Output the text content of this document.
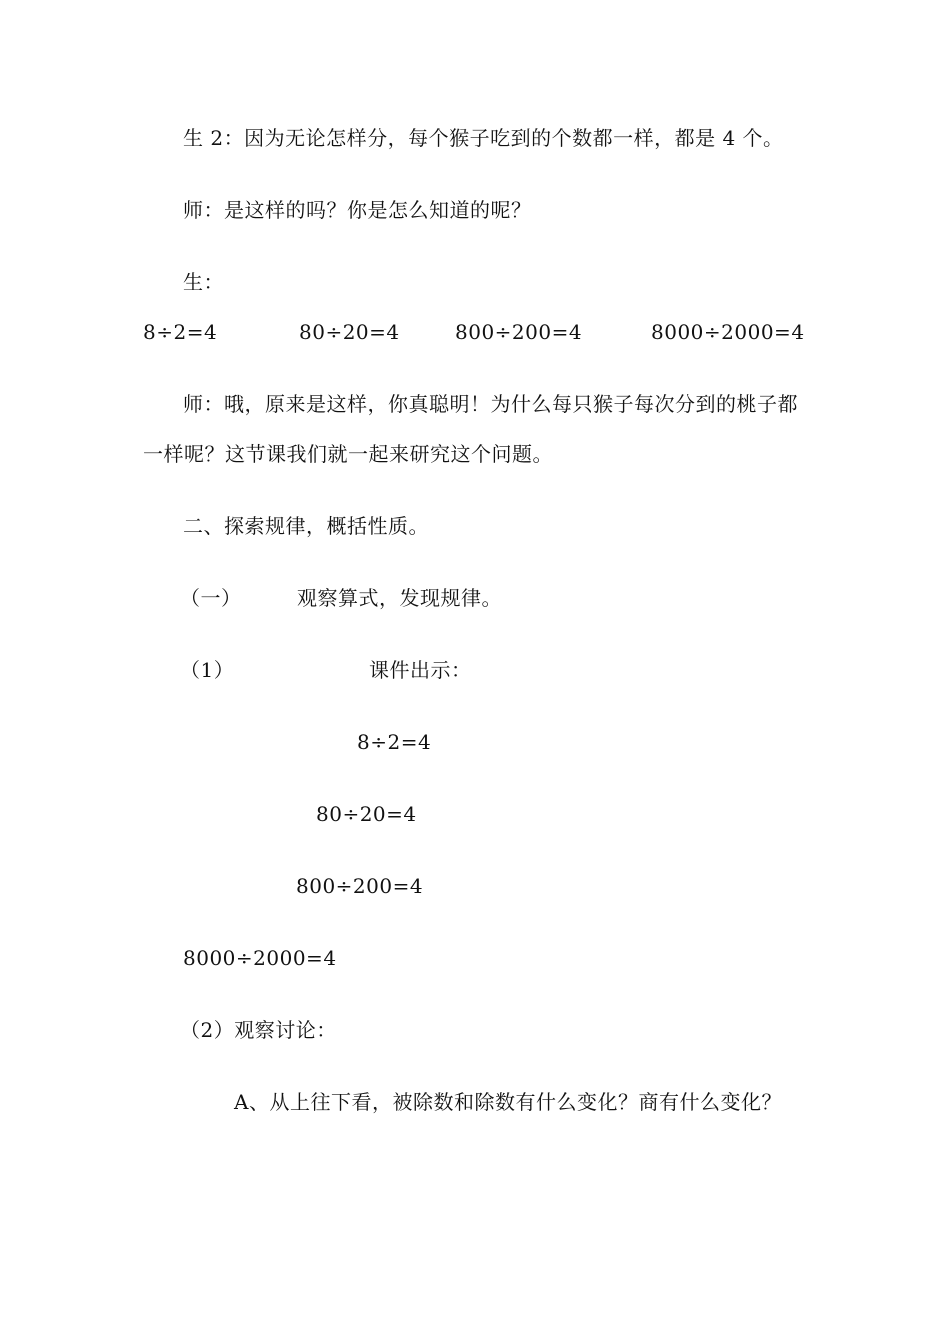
生 2：因为无论怎样分，每个猴子吃到的个数都一样，都是 4 个。
师：是这样的吗？你是怎么知道的呢？
生：
8÷2=4	80÷20=4	800÷200=4	8000÷2000=4
师：哦，原来是这样，你真聪明！为什么每只猴子每次分到的桃子都
一样呢？这节课我们就一起来研究这个问题。
二、探索规律，概括性质。
（一）	观察算式，发现规律。
（1）	课件出示：
8÷2=4
80÷20=4
800÷200=4
8000÷2000=4
（2）观察讨论：
A、从上往下看，被除数和除数有什么变化？商有什么变化？
